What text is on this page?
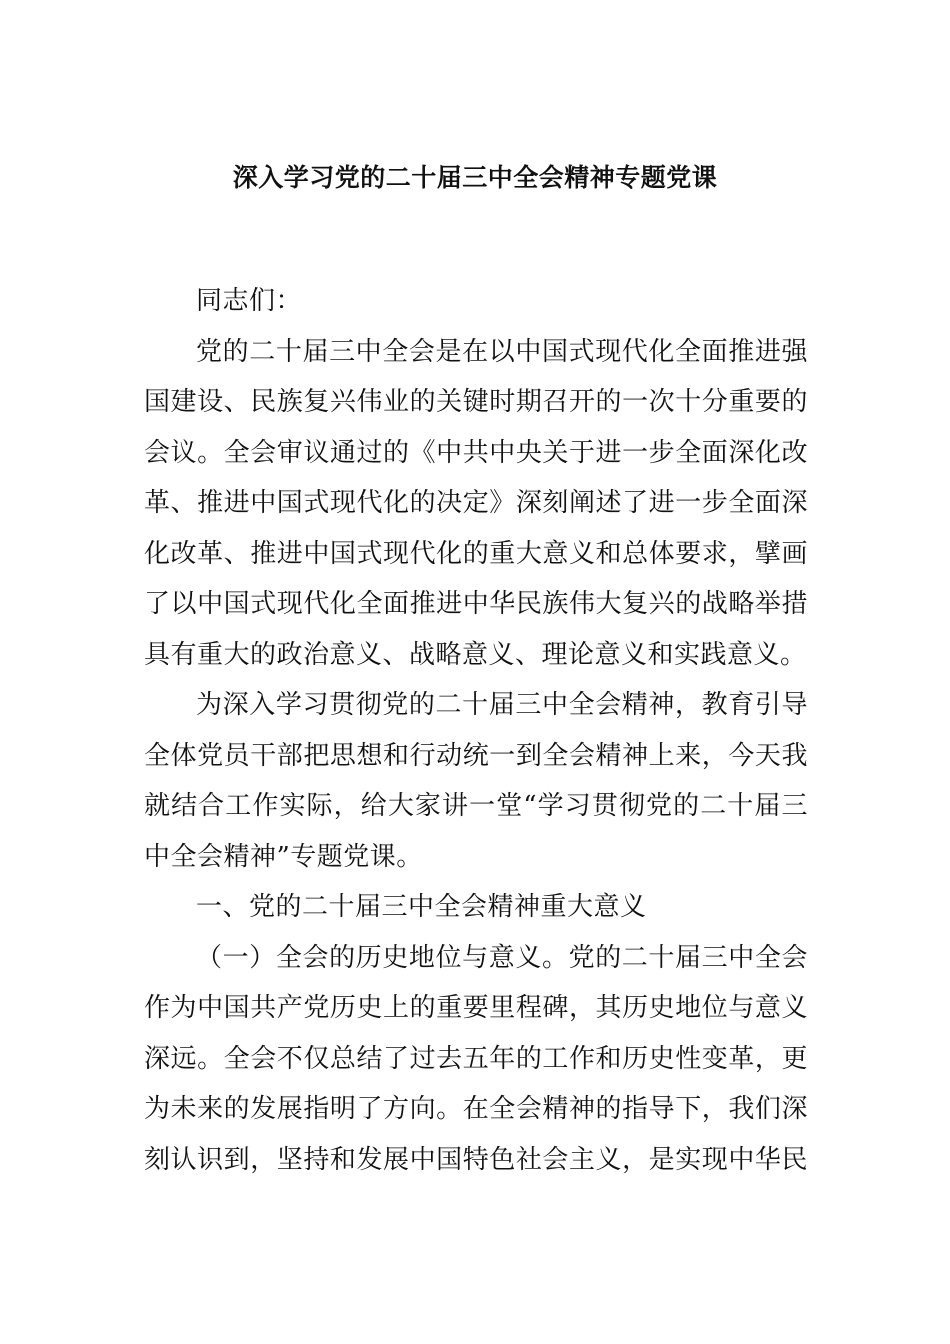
深入学习党的二十届三中全会精神专题党课

同志们：

党的二十届三中全会是在以中国式现代化全面推进强国建设、民族复兴伟业的关键时期召开的一次十分重要的会议。全会审议通过的《中共中央关于进一步全面深化改革、推进中国式现代化的决定》深刻阐述了进一步全面深化改革、推进中国式现代化的重大意义和总体要求，擘画了以中国式现代化全面推进中华民族伟大复兴的战略举措具有重大的政治意义、战略意义、理论意义和实践意义。

为深入学习贯彻党的二十届三中全会精神，教育引导全体党员干部把思想和行动统一到全会精神上来，今天我就结合工作实际，给大家讲一堂“学习贯彻党的二十届三中全会精神”专题党课。

一、党的二十届三中全会精神重大意义

（一）全会的历史地位与意义。党的二十届三中全会作为中国共产党历史上的重要里程碑，其历史地位与意义深远。全会不仅总结了过去五年的工作和历史性变革，更为未来的发展指明了方向。在全会精神的指导下，我们深刻认识到，坚持和发展中国特色社会主义，是实现中华民
